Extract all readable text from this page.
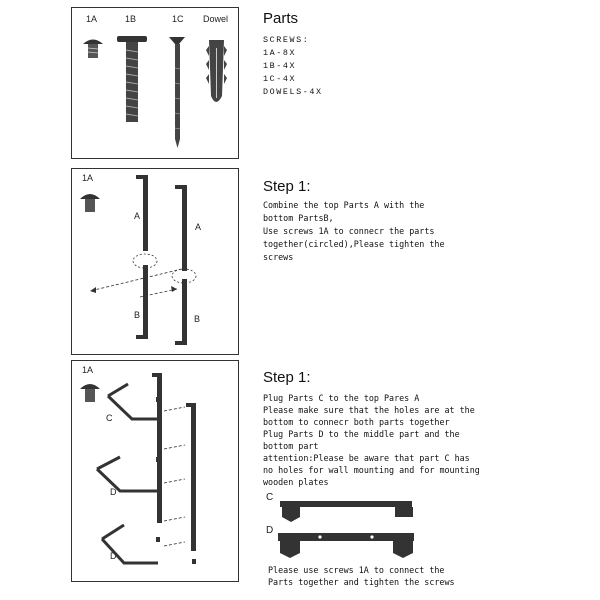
1A	1B	1C Dowel Parts
SCREWS:
1A-8X
1B-4X
1C-4X
DOWELS-4X
1A
A
A
B	B
Step 1:
Combine the top Parts A with the
bottom PartsB,
Use screws 1A to connecr the parts
together(circled),Please tighten the
screws
1A
C
D
D
Step 1:
Plug Parts C to the top Pares A
Please make sure that the holes are at the
bottom to connecr both parts together
Plug Parts D to the middle part and the
bottom part
attention:Please be aware that part C has
no holes for wall mounting and for mounting
wooden plates
C
D
Please use screws 1A to connect the
Parts together and tighten the screws
